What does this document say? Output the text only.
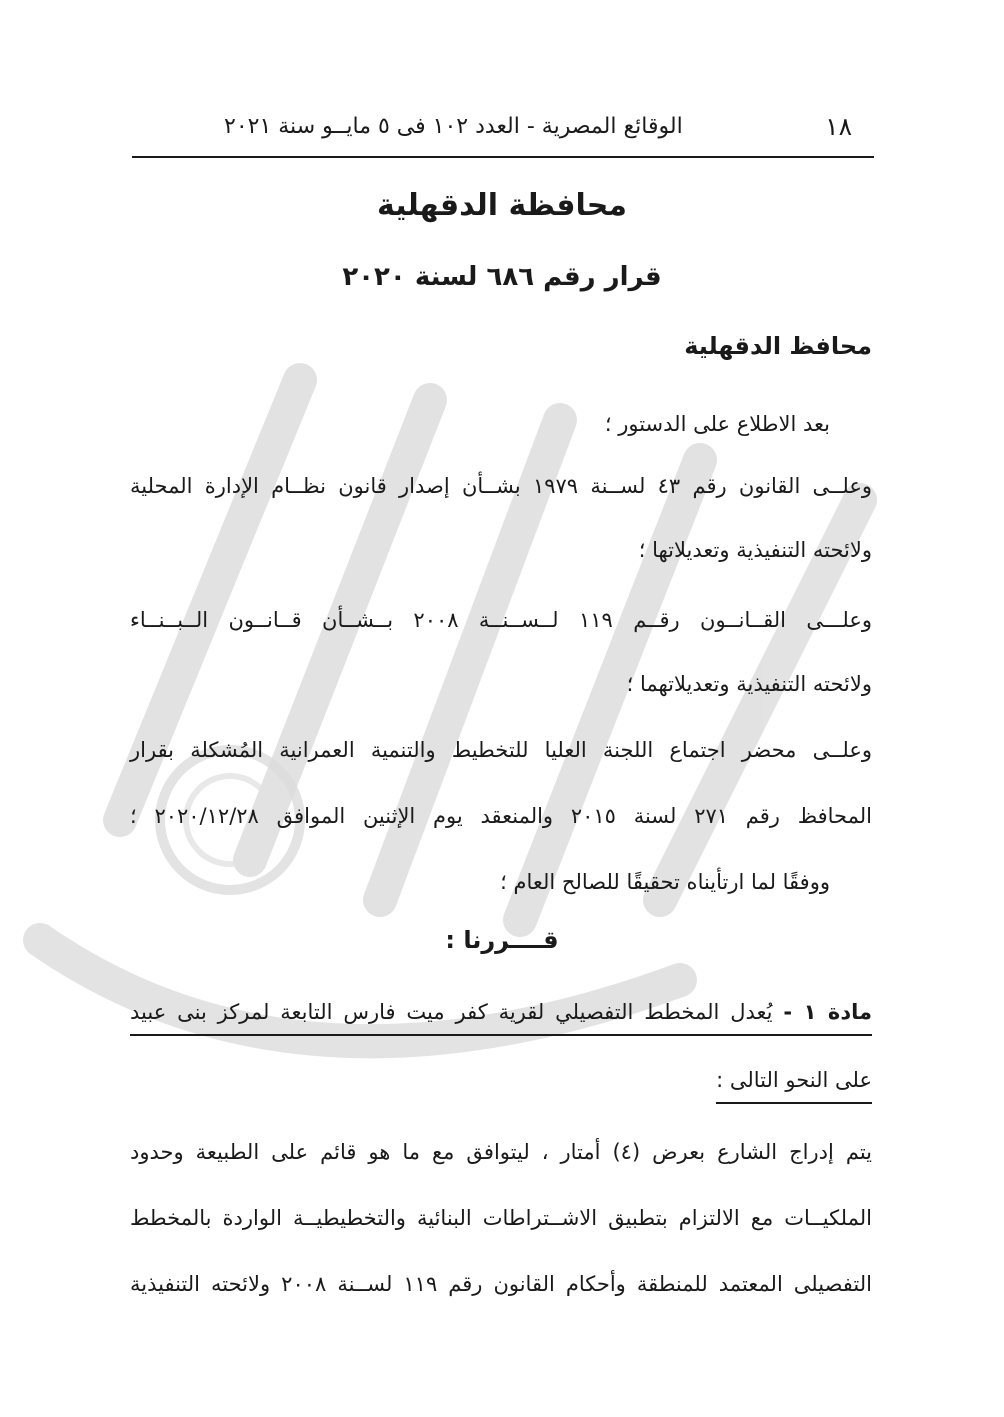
١٨
الوقائع المصرية - العدد ١٠٢ فى ٥ مايــو سنة ٢٠٢١
محافظة الدقهلية
قرار رقم ٦٨٦ لسنة ٢٠٢٠
محافظ الدقهلية
بعد الاطلاع على الدستور ؛
وعلــى القانون رقم ٤٣ لســنة ١٩٧٩ بشــأن إصدار قانون نظــام الإدارة المحلية
ولائحته التنفيذية وتعديلاتها ؛
وعلـــى القــانــون رقــم ١١٩ لــســنــة ٢٠٠٨ بــشــأن قــانــون الــبــنــاء
ولائحته التنفيذية وتعديلاتهما ؛
وعلــى محضر اجتماع اللجنة العليا للتخطيط والتنمية العمرانية المُشكلة بقرار
المحافظ رقم ٢٧١ لسنة ٢٠١٥ والمنعقد يوم الإثنين الموافق ٢٠٢٠/١٢/٢٨ ؛
ووفقًا لما ارتأيناه تحقيقًا للصالح العام ؛
قــــررنا :
مادة ١ - يُعدل المخطط التفصيلي لقرية كفر ميت فارس التابعة لمركز بنى عبيد
على النحو التالى :
يتم إدراج الشارع بعرض (٤) أمتار ، ليتوافق مع ما هو قائم على الطبيعة وحدود
الملكيــات مع الالتزام بتطبيق الاشــتراطات البنائية والتخطيطيــة الواردة بالمخطط
التفصيلى المعتمد للمنطقة وأحكام القانون رقم ١١٩ لســنة ٢٠٠٨ ولائحته التنفيذية
